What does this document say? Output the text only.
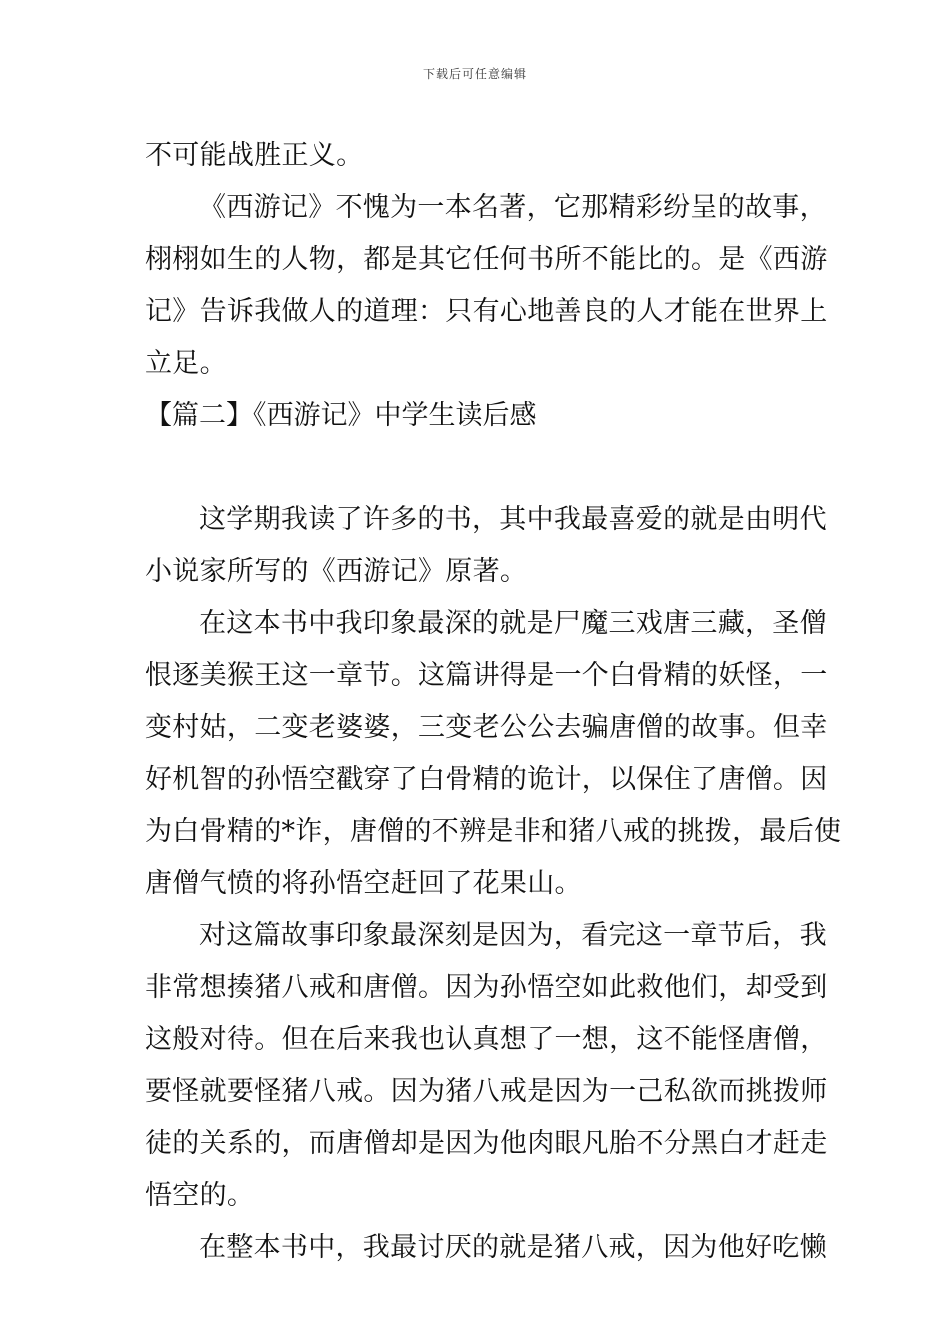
下载后可任意编辑
不可能战胜正义。
《西游记》不愧为一本名著，它那精彩纷呈的故事，
栩栩如生的人物，都是其它任何书所不能比的。是《西游
记》告诉我做人的道理：只有心地善良的人才能在世界上
立足。
【篇二】《西游记》中学生读后感
这学期我读了许多的书，其中我最喜爱的就是由明代
小说家所写的《西游记》原著。
在这本书中我印象最深的就是尸魔三戏唐三藏，圣僧
恨逐美猴王这一章节。这篇讲得是一个白骨精的妖怪，一
变村姑，二变老婆婆，三变老公公去骗唐僧的故事。但幸
好机智的孙悟空戳穿了白骨精的诡计，以保住了唐僧。因
为白骨精的*诈，唐僧的不辨是非和猪八戒的挑拨，最后使
唐僧气愤的将孙悟空赶回了花果山。
对这篇故事印象最深刻是因为，看完这一章节后，我
非常想揍猪八戒和唐僧。因为孙悟空如此救他们，却受到
这般对待。但在后来我也认真想了一想，这不能怪唐僧，
要怪就要怪猪八戒。因为猪八戒是因为一己私欲而挑拨师
徒的关系的，而唐僧却是因为他肉眼凡胎不分黑白才赶走
悟空的。
在整本书中，我最讨厌的就是猪八戒，因为他好吃懒
